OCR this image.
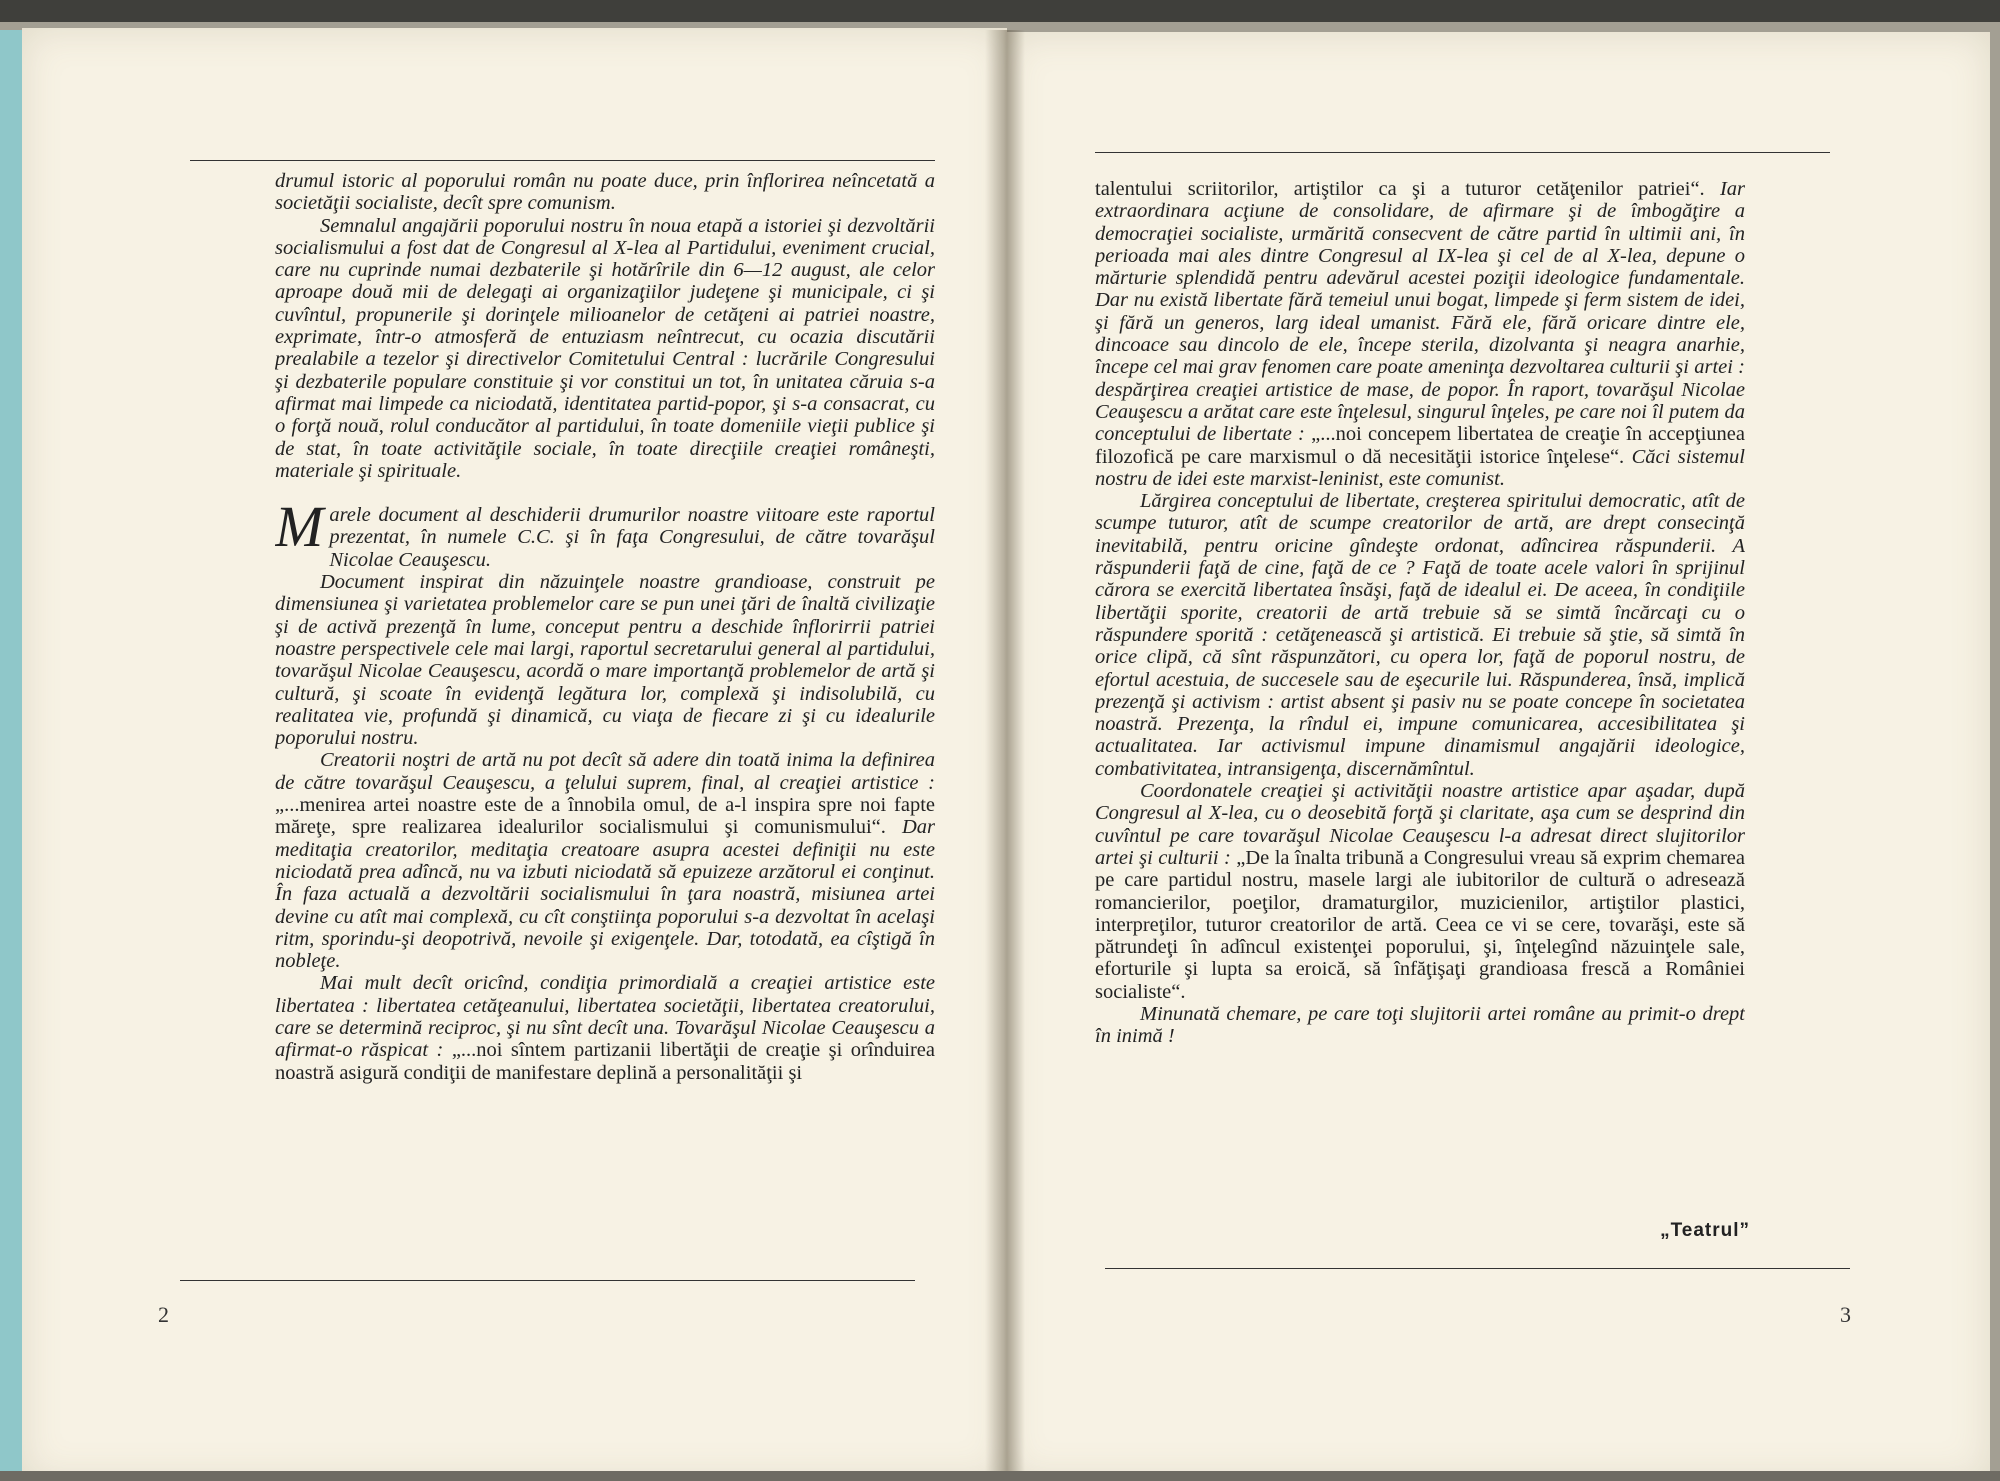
drumul istoric al poporului român nu poate duce, prin înflorirea neîncetată a societăţii socialiste, decît spre comunism.

Semnalul angajării poporului nostru în noua etapă a istoriei şi dezvoltării socialismului a fost dat de Congresul al X-lea al Partidului, eveniment crucial, care nu cuprinde numai dezbaterile şi hotărîrile din 6—12 august, ale celor aproape două mii de delegaţi ai organizaţiilor judeţene şi municipale, ci şi cuvîntul, propunerile şi dorinţele milioanelor de cetăţeni ai patriei noastre, exprimate, într-o atmosferă de entuziasm neîntrecut, cu ocazia discutării prealabile a tezelor şi directivelor Comitetului Central : lucrările Congresului şi dezbaterile populare constituie şi vor constitui un tot, în unitatea căruia s-a afirmat mai limpede ca niciodată, identitatea partid-popor, şi s-a consacrat, cu o forţă nouă, rolul conducător al partidului, în toate domeniile vieţii publice şi de stat, în toate activităţile sociale, în toate direcţiile creaţiei româneşti, materiale şi spirituale.

Marele document al deschiderii drumurilor noastre viitoare este raportul prezentat, în numele C.C. şi în faţa Congresului, de către tovarăşul Nicolae Ceauşescu.

Document inspirat din năzuinţele noastre grandioase, construit pe dimensiunea şi varietatea problemelor care se pun unei ţări de înaltă civilizaţie şi de activă prezenţă în lume, conceput pentru a deschide înflorirrii patriei noastre perspectivele cele mai largi, raportul secretarului general al partidului, tovarăşul Nicolae Ceauşescu, acordă o mare importanţă problemelor de artă şi cultură, şi scoate în evidenţă legătura lor, complexă şi indisolubilă, cu realitatea vie, profundă şi dinamică, cu viaţa de fiecare zi şi cu idealurile poporului nostru.

Creatorii noştri de artă nu pot decît să adere din toată inima la definirea de către tovarăşul Ceauşescu, a ţelului suprem, final, al creaţiei artistice : „...menirea artei noastre este de a înnobila omul, de a-l inspira spre noi fapte măreţe, spre realizarea idealurilor socialismului şi comunismului“. Dar meditaţia creatorilor, meditaţia creatoare asupra acestei definiţii nu este niciodată prea adîncă, nu va izbuti niciodată să epuizeze arzătorul ei conţinut. În faza actuală a dezvoltării socialismului în ţara noastră, misiunea artei devine cu atît mai complexă, cu cît conştiinţa poporului s-a dezvoltat în acelaşi ritm, sporindu-şi deopotrivă, nevoile şi exigenţele. Dar, totodată, ea cîştigă în nobleţe.

Mai mult decît oricînd, condiţia primordială a creaţiei artistice este libertatea : libertatea cetăţeanului, libertatea societăţii, libertatea creatorului, care se determină reciproc, şi nu sînt decît una. Tovarăşul Nicolae Ceauşescu a afirmat-o răspicat : „...noi sîntem partizanii libertăţii de creaţie şi orînduirea noastră asigură condiţii de manifestare deplină a personalităţii şi

talentului scriitorilor, artiştilor ca şi a tuturor cetăţenilor patriei“. Iar extraordinara acţiune de consolidare, de afirmare şi de îmbogăţire a democraţiei socialiste, urmărită consecvent de către partid în ultimii ani, în perioada mai ales dintre Congresul al IX-lea şi cel de al X-lea, depune o mărturie splendidă pentru adevărul acestei poziţii ideologice fundamentale. Dar nu există libertate fără temeiul unui bogat, limpede şi ferm sistem de idei, şi fără un generos, larg ideal umanist. Fără ele, fără oricare dintre ele, dincoace sau dincolo de ele, începe sterila, dizolvanta şi neagra anarhie, începe cel mai grav fenomen care poate ameninţa dezvoltarea culturii şi artei : despărţirea creaţiei artistice de mase, de popor. În raport, tovarăşul Nicolae Ceauşescu a arătat care este înţelesul, singurul înţeles, pe care noi îl putem da conceptului de libertate : „...noi concepem libertatea de creaţie în accepţiunea filozofică pe care marxismul o dă necesităţii istorice înţelese“. Căci sistemul nostru de idei este marxist-leninist, este comunist.

Lărgirea conceptului de libertate, creşterea spiritului democratic, atît de scumpe tuturor, atît de scumpe creatorilor de artă, are drept consecinţă inevitabilă, pentru oricine gîndeşte ordonat, adîncirea răspunderii. A răspunderii faţă de cine, faţă de ce ? Faţă de toate acele valori în sprijinul cărora se exercită libertatea însăşi, faţă de idealul ei. De aceea, în condiţiile libertăţii sporite, creatorii de artă trebuie să se simtă încărcaţi cu o răspundere sporită : cetăţenească şi artistică. Ei trebuie să ştie, să simtă în orice clipă, că sînt răspunzători, cu opera lor, faţă de poporul nostru, de efortul acestuia, de succesele sau de eşecurile lui. Răspunderea, însă, implică prezenţă şi activism : artist absent şi pasiv nu se poate concepe în societatea noastră. Prezenţa, la rîndul ei, impune comunicarea, accesibilitatea şi actualitatea. Iar activismul impune dinamismul angajării ideologice, combativitatea, intransigenţa, discernămîntul.

Coordonatele creaţiei şi activităţii noastre artistice apar aşadar, după Congresul al X-lea, cu o deosebită forţă şi claritate, aşa cum se desprind din cuvîntul pe care tovarăşul Nicolae Ceauşescu l-a adresat direct slujitorilor artei şi culturii : „De la înalta tribună a Congresului vreau să exprim chemarea pe care partidul nostru, masele largi ale iubitorilor de cultură o adresează romancierilor, poeţilor, dramaturgilor, muzicienilor, artiştilor plastici, interpreţilor, tuturor creatorilor de artă. Ceea ce vi se cere, tovarăşi, este să pătrundeţi în adîncul existenţei poporului, şi, înţelegînd năzuinţele sale, eforturile şi lupta sa eroică, să înfăţişaţi grandioasa frescă a României socialiste“.

Minunată chemare, pe care toţi slujitorii artei române au primit-o drept în inimă !

„Teatrul”
2	3
